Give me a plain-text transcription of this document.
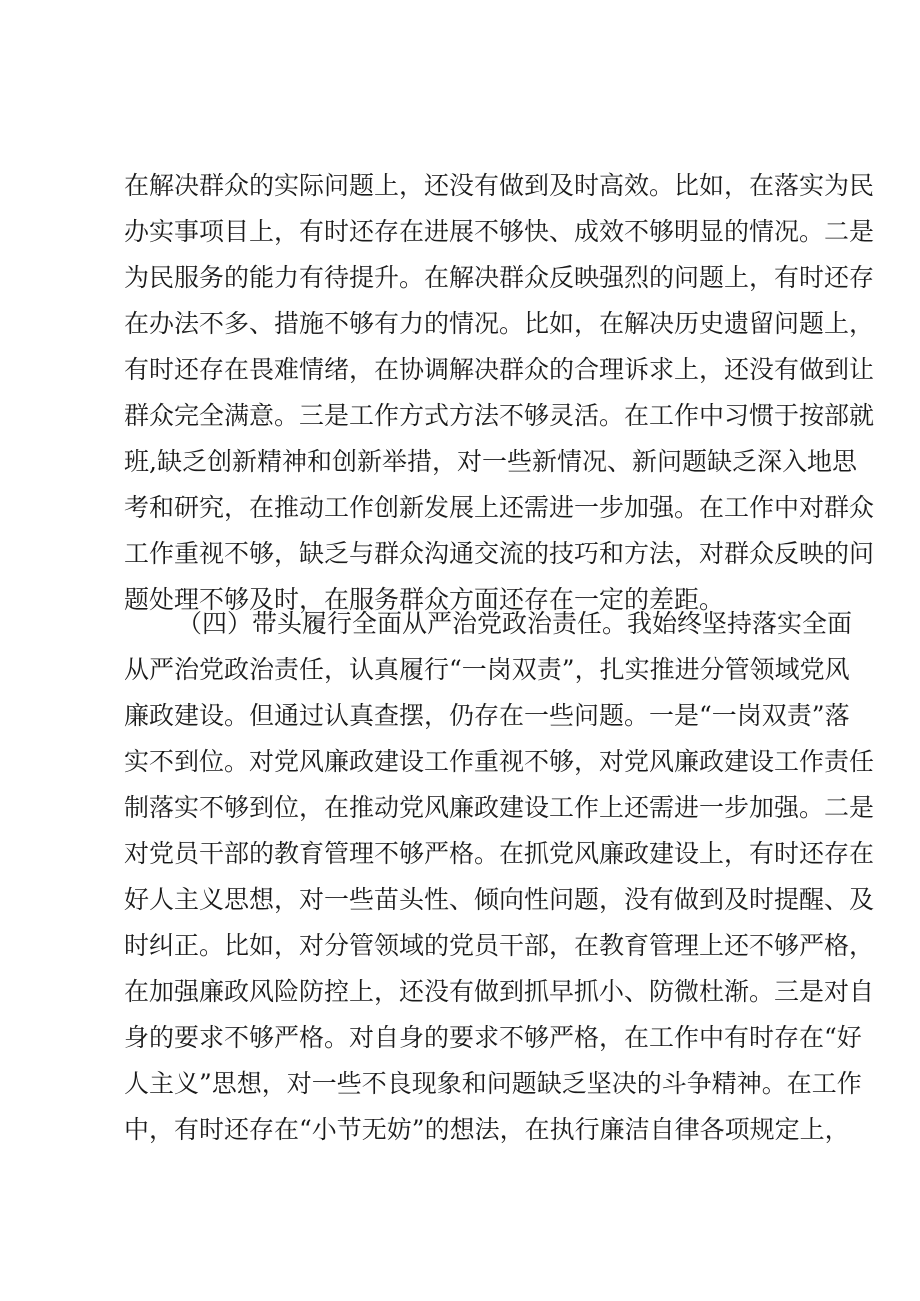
在解决群众的实际问题上，还没有做到及时高效。比如，在落实为民
办实事项目上，有时还存在进展不够快、成效不够明显的情况。二是
为民服务的能力有待提升。在解决群众反映强烈的问题上，有时还存
在办法不多、措施不够有力的情况。比如，在解决历史遗留问题上，
有时还存在畏难情绪，在协调解决群众的合理诉求上，还没有做到让
群众完全满意。三是工作方式方法不够灵活。在工作中习惯于按部就
班,缺乏创新精神和创新举措，对一些新情况、新问题缺乏深入地思
考和研究，在推动工作创新发展上还需进一步加强。在工作中对群众
工作重视不够，缺乏与群众沟通交流的技巧和方法，对群众反映的问
题处理不够及时，在服务群众方面还存在一定的差距。
（四）带头履行全面从严治党政治责任。我始终坚持落实全面
从严治党政治责任，认真履行“一岗双责”，扎实推进分管领域党风
廉政建设。但通过认真查摆，仍存在一些问题。一是“一岗双责”落
实不到位。对党风廉政建设工作重视不够，对党风廉政建设工作责任
制落实不够到位，在推动党风廉政建设工作上还需进一步加强。二是
对党员干部的教育管理不够严格。在抓党风廉政建设上，有时还存在
好人主义思想，对一些苗头性、倾向性问题，没有做到及时提醒、及
时纠正。比如，对分管领域的党员干部，在教育管理上还不够严格，
在加强廉政风险防控上，还没有做到抓早抓小、防微杜渐。三是对自
身的要求不够严格。对自身的要求不够严格，在工作中有时存在“好
人主义”思想，对一些不良现象和问题缺乏坚决的斗争精神。在工作
中，有时还存在“小节无妨”的想法，在执行廉洁自律各项规定上，
